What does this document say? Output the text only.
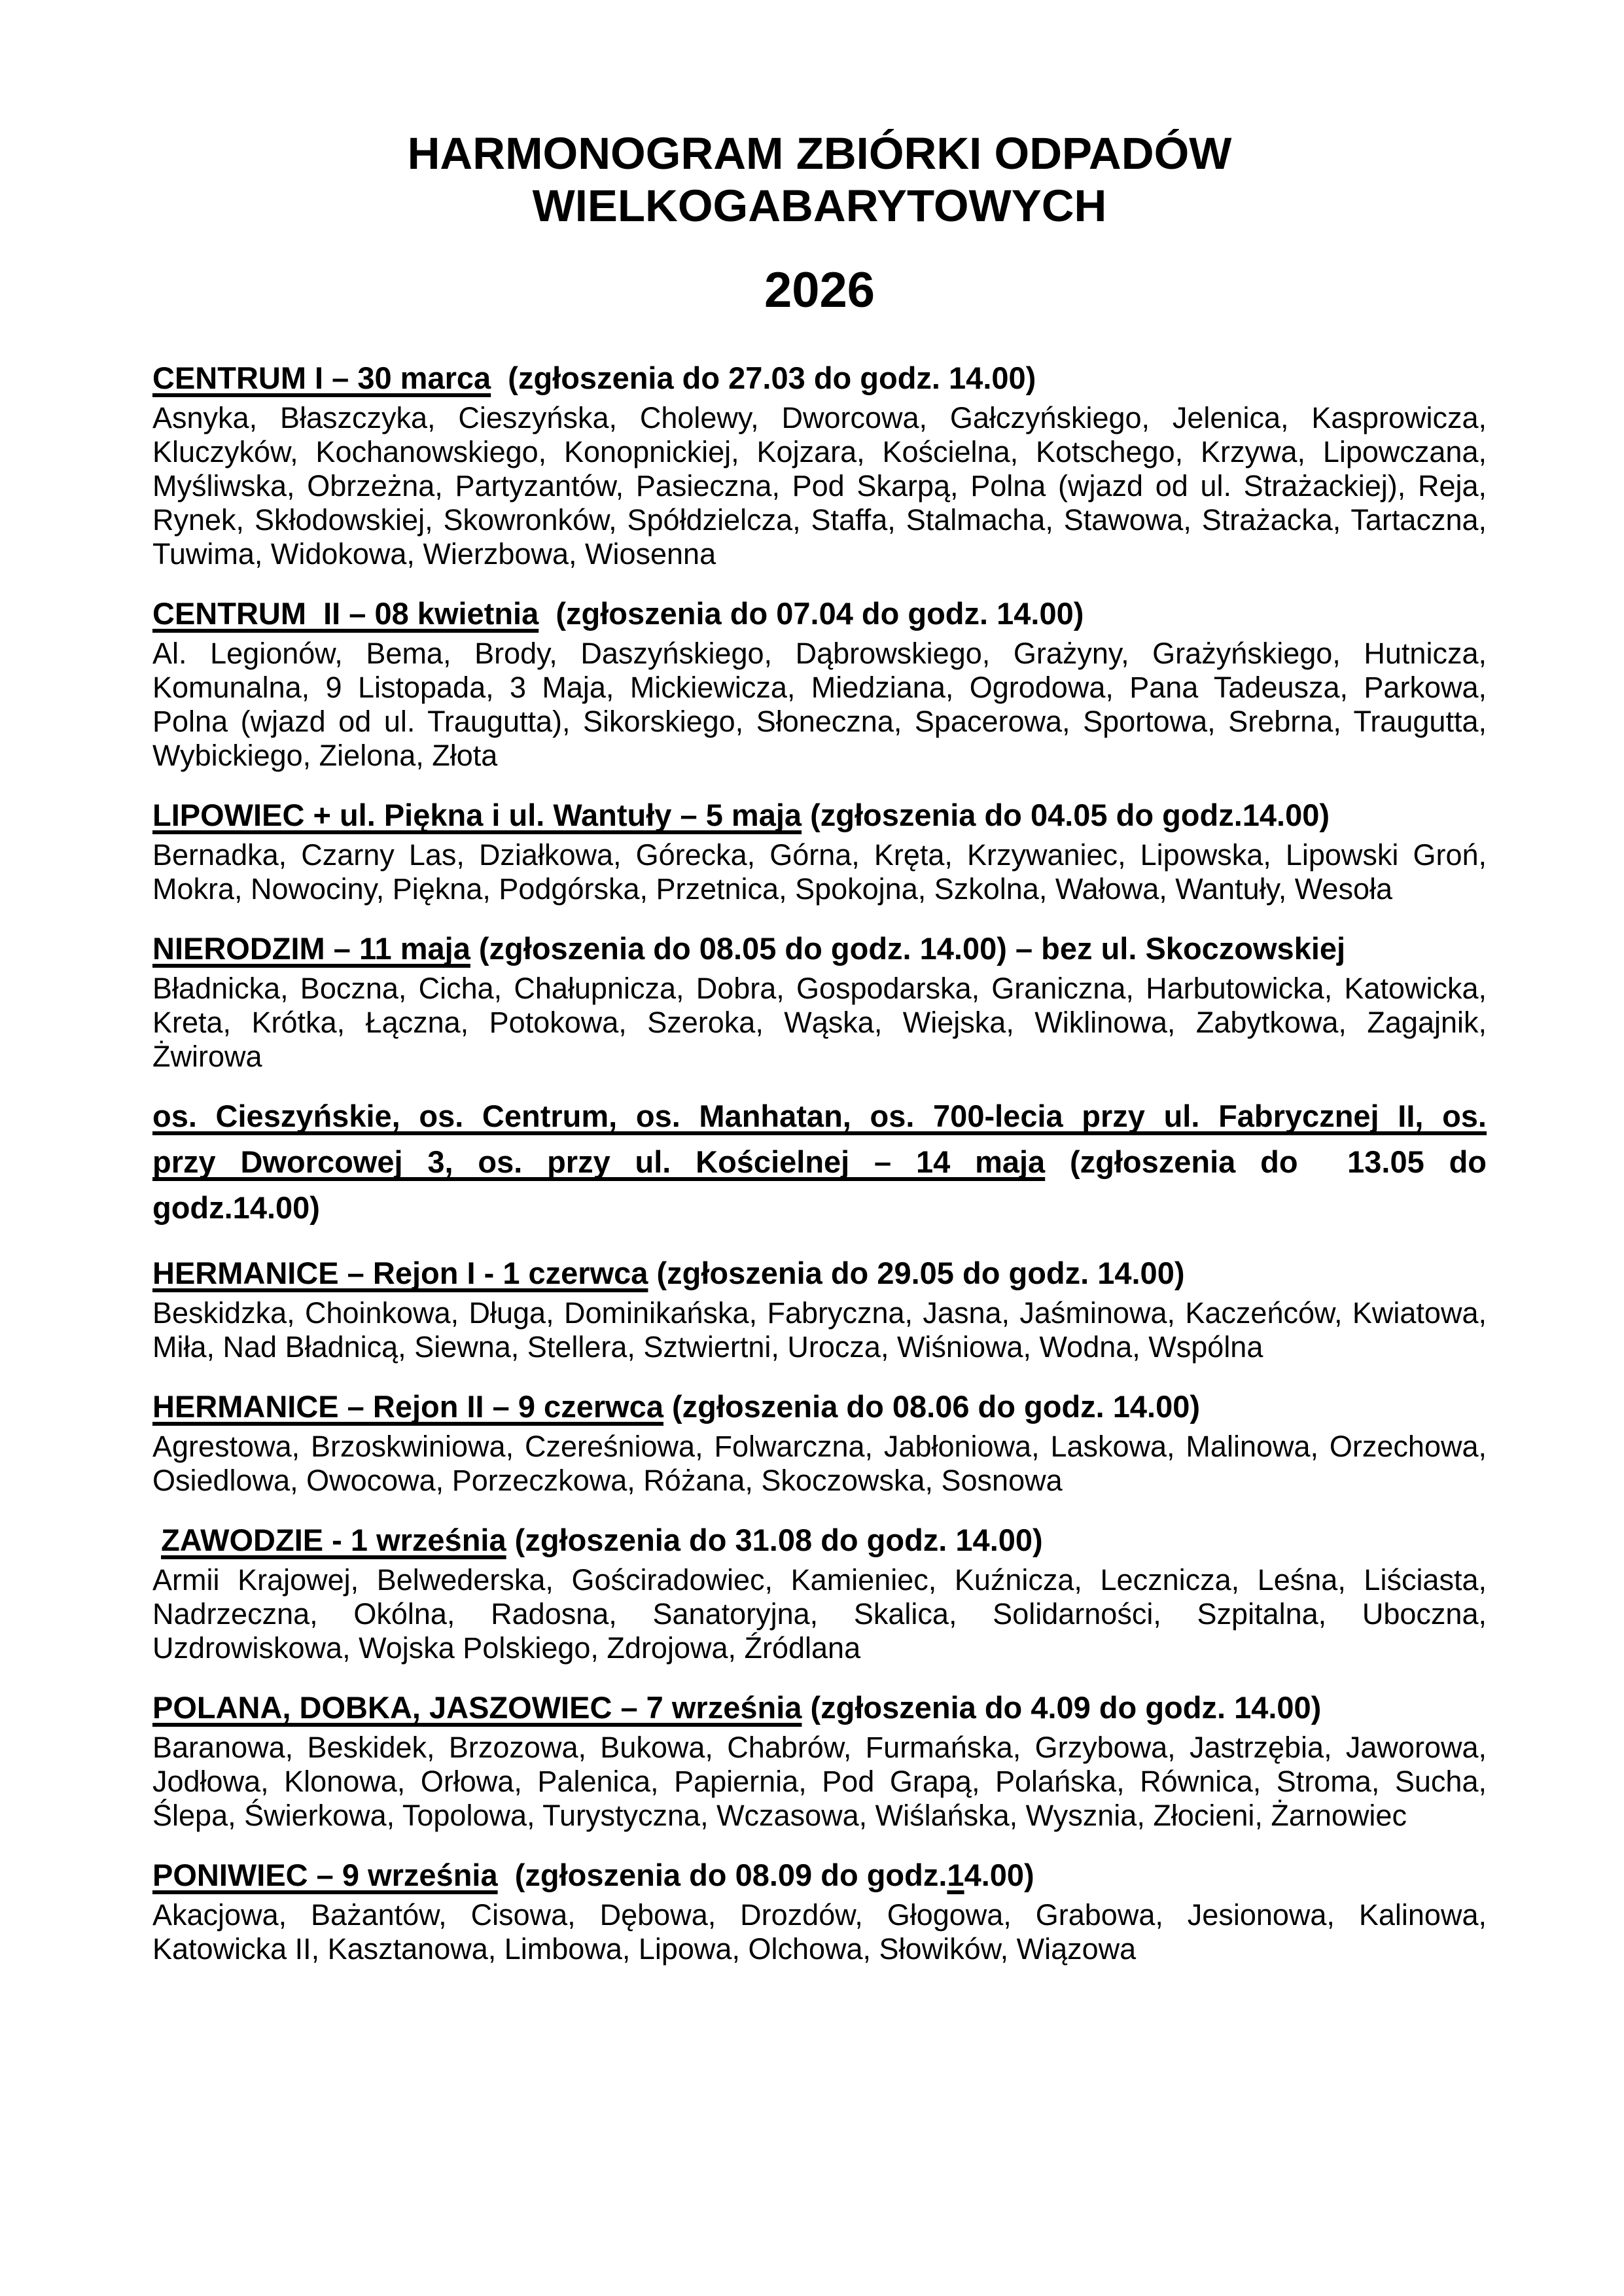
HARMONOGRAM ZBIÓRKI ODPADÓW
WIELKOGABARYTOWYCH
2026

CENTRUM I – 30 marca  (zgłoszenia do 27.03 do godz. 14.00)

Asnyka, Błaszczyka, Cieszyńska, Cholewy, Dworcowa, Gałczyńskiego, Jelenica, Kasprowicza, Kluczyków, Kochanowskiego, Konopnickiej, Kojzara, Kościelna, Kotschego, Krzywa, Lipowczana, Myśliwska, Obrzeżna, Partyzantów, Pasieczna, Pod Skarpą, Polna (wjazd od ul. Strażackiej), Reja, Rynek, Skłodowskiej, Skowronków, Spółdzielcza, Staffa, Stalmacha, Stawowa, Strażacka, Tartaczna, Tuwima, Widokowa, Wierzbowa, Wiosenna

CENTRUM  II – 08 kwietnia  (zgłoszenia do 07.04 do godz. 14.00)

Al. Legionów, Bema, Brody, Daszyńskiego, Dąbrowskiego, Grażyny, Grażyńskiego, Hutnicza, Komunalna, 9 Listopada, 3 Maja, Mickiewicza, Miedziana, Ogrodowa, Pana Tadeusza, Parkowa, Polna (wjazd od ul. Traugutta), Sikorskiego, Słoneczna, Spacerowa, Sportowa, Srebrna, Traugutta, Wybickiego, Zielona, Złota

LIPOWIEC + ul. Piękna i ul. Wantuły – 5 maja (zgłoszenia do 04.05 do godz.14.00)

Bernadka, Czarny Las, Działkowa, Górecka, Górna, Kręta, Krzywaniec, Lipowska, Lipowski Groń, Mokra, Nowociny, Piękna, Podgórska, Przetnica, Spokojna, Szkolna, Wałowa, Wantuły, Wesoła

NIERODZIM – 11 maja (zgłoszenia do 08.05 do godz. 14.00) – bez ul. Skoczowskiej

Bładnicka, Boczna, Cicha, Chałupnicza, Dobra, Gospodarska, Graniczna, Harbutowicka, Katowicka, Kreta, Krótka, Łączna, Potokowa, Szeroka, Wąska, Wiejska, Wiklinowa, Zabytkowa, Zagajnik, Żwirowa

os. Cieszyńskie, os. Centrum, os. Manhatan, os. 700-lecia przy ul. Fabrycznej II, os.
przy Dworcowej 3, os. przy ul. Kościelnej – 14 maja (zgłoszenia do  13.05 do
godz.14.00)

HERMANICE – Rejon I - 1 czerwca (zgłoszenia do 29.05 do godz. 14.00)

Beskidzka, Choinkowa, Długa, Dominikańska, Fabryczna, Jasna, Jaśminowa, Kaczeńców, Kwiatowa, Miła, Nad Bładnicą, Siewna, Stellera, Sztwiertni, Urocza, Wiśniowa, Wodna, Wspólna

HERMANICE – Rejon II – 9 czerwca (zgłoszenia do 08.06 do godz. 14.00)

Agrestowa, Brzoskwiniowa, Czereśniowa, Folwarczna, Jabłoniowa, Laskowa, Malinowa, Orzechowa, Osiedlowa, Owocowa, Porzeczkowa, Różana, Skoczowska, Sosnowa

ZAWODZIE - 1 września (zgłoszenia do 31.08 do godz. 14.00)

Armii Krajowej, Belwederska, Gościradowiec, Kamieniec, Kuźnicza, Lecznicza, Leśna, Liściasta, Nadrzeczna, Okólna, Radosna, Sanatoryjna, Skalica, Solidarności, Szpitalna, Uboczna, Uzdrowiskowa, Wojska Polskiego, Zdrojowa, Źródlana

POLANA, DOBKA, JASZOWIEC – 7 września (zgłoszenia do 4.09 do godz. 14.00)

Baranowa, Beskidek, Brzozowa, Bukowa, Chabrów, Furmańska, Grzybowa, Jastrzębia, Jaworowa, Jodłowa, Klonowa, Orłowa, Palenica, Papiernia, Pod Grapą, Polańska, Równica, Stroma, Sucha, Ślepa, Świerkowa, Topolowa, Turystyczna, Wczasowa, Wiślańska, Wysznia, Złocieni, Żarnowiec

PONIWIEC – 9 września  (zgłoszenia do 08.09 do godz.14.00)

Akacjowa, Bażantów, Cisowa, Dębowa, Drozdów, Głogowa, Grabowa, Jesionowa, Kalinowa, Katowicka II, Kasztanowa, Limbowa, Lipowa, Olchowa, Słowików, Wiązowa
